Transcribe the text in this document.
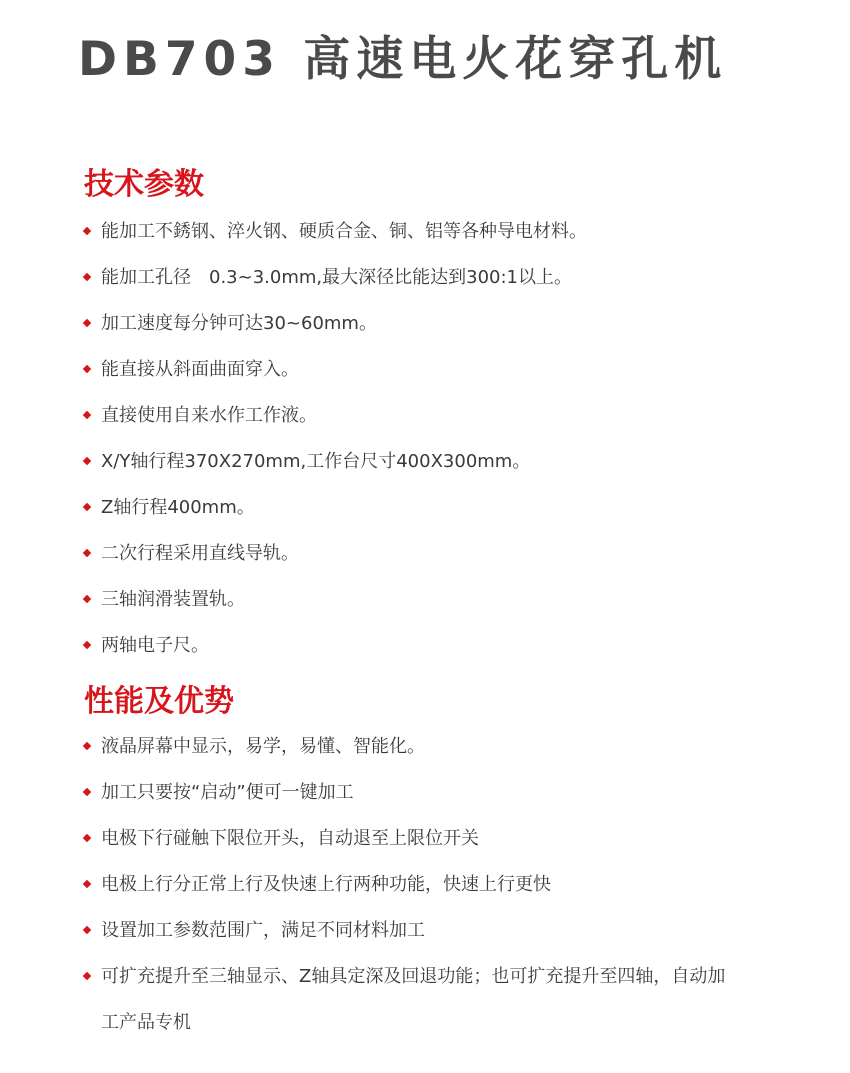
DB703 高速电火花穿孔机
技术参数
能加工不銹钢、淬火钢、硬质合金、铜、铝等各种导电材料。
能加工孔径　0.3~3.0mm,最大深径比能达到300:1以上。
加工速度每分钟可达30~60mm。
能直接从斜面曲面穿入。
直接使用自来水作工作液。
X/Y轴行程370X270mm,工作台尺寸400X300mm。
Z轴行程400mm。
二次行程采用直线导轨。
三轴润滑装置轨。
两轴电子尺。
性能及优势
液晶屏幕中显示，易学，易懂、智能化。
加工只要按“启动”便可一键加工
电极下行碰触下限位开头，自动退至上限位开关
电极上行分正常上行及快速上行两种功能，快速上行更快
设置加工参数范围广，满足不同材料加工
可扩充提升至三轴显示、Z轴具定深及回退功能；也可扩充提升至四轴，自动加工产品专机
